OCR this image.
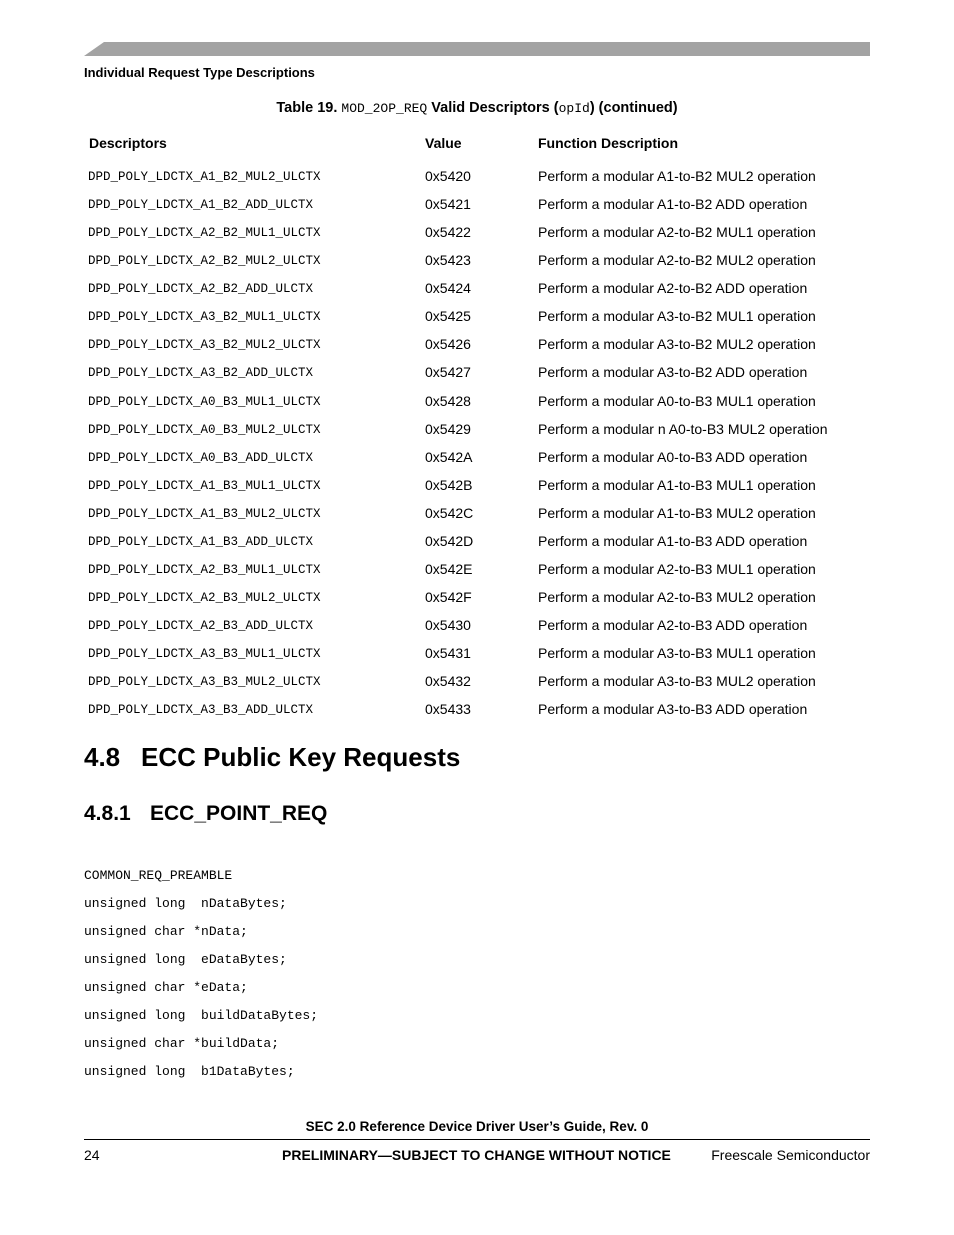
Individual Request Type Descriptions
Table 19. MOD_2OP_REQ Valid Descriptors (opId) (continued)
Descriptors	Value	Function Description
DPD_POLY_LDCTX_A1_B2_MUL2_ULCTX	0x5420	Perform a modular A1-to-B2 MUL2 operation
DPD_POLY_LDCTX_A1_B2_ADD_ULCTX	0x5421	Perform a modular A1-to-B2 ADD operation
DPD_POLY_LDCTX_A2_B2_MUL1_ULCTX	0x5422	Perform a modular A2-to-B2 MUL1 operation
DPD_POLY_LDCTX_A2_B2_MUL2_ULCTX	0x5423	Perform a modular A2-to-B2 MUL2 operation
DPD_POLY_LDCTX_A2_B2_ADD_ULCTX	0x5424	Perform a modular A2-to-B2 ADD operation
DPD_POLY_LDCTX_A3_B2_MUL1_ULCTX	0x5425	Perform a modular A3-to-B2 MUL1 operation
DPD_POLY_LDCTX_A3_B2_MUL2_ULCTX	0x5426	Perform a modular A3-to-B2 MUL2 operation
DPD_POLY_LDCTX_A3_B2_ADD_ULCTX	0x5427	Perform a modular A3-to-B2 ADD operation
DPD_POLY_LDCTX_A0_B3_MUL1_ULCTX	0x5428	Perform a modular A0-to-B3 MUL1 operation
DPD_POLY_LDCTX_A0_B3_MUL2_ULCTX	0x5429	Perform a modular n A0-to-B3 MUL2 operation
DPD_POLY_LDCTX_A0_B3_ADD_ULCTX	0x542A	Perform a modular A0-to-B3 ADD operation
DPD_POLY_LDCTX_A1_B3_MUL1_ULCTX	0x542B	Perform a modular A1-to-B3 MUL1 operation
DPD_POLY_LDCTX_A1_B3_MUL2_ULCTX	0x542C	Perform a modular A1-to-B3 MUL2 operation
DPD_POLY_LDCTX_A1_B3_ADD_ULCTX	0x542D	Perform a modular A1-to-B3 ADD operation
DPD_POLY_LDCTX_A2_B3_MUL1_ULCTX	0x542E	Perform a modular A2-to-B3 MUL1 operation
DPD_POLY_LDCTX_A2_B3_MUL2_ULCTX	0x542F	Perform a modular A2-to-B3 MUL2 operation
DPD_POLY_LDCTX_A2_B3_ADD_ULCTX	0x5430	Perform a modular A2-to-B3 ADD operation
DPD_POLY_LDCTX_A3_B3_MUL1_ULCTX	0x5431	Perform a modular A3-to-B3 MUL1 operation
DPD_POLY_LDCTX_A3_B3_MUL2_ULCTX	0x5432	Perform a modular A3-to-B3 MUL2 operation
DPD_POLY_LDCTX_A3_B3_ADD_ULCTX	0x5433	Perform a modular A3-to-B3 ADD operation
4.8 ECC Public Key Requests
4.8.1 ECC_POINT_REQ
COMMON_REQ_PREAMBLE
unsigned long  nDataBytes;
unsigned char *nData;
unsigned long  eDataBytes;
unsigned char *eData;
unsigned long  buildDataBytes;
unsigned char *buildData;
unsigned long  b1DataBytes;
SEC 2.0 Reference Device Driver User’s Guide, Rev. 0
24	PRELIMINARY—SUBJECT TO CHANGE WITHOUT NOTICE	Freescale Semiconductor
